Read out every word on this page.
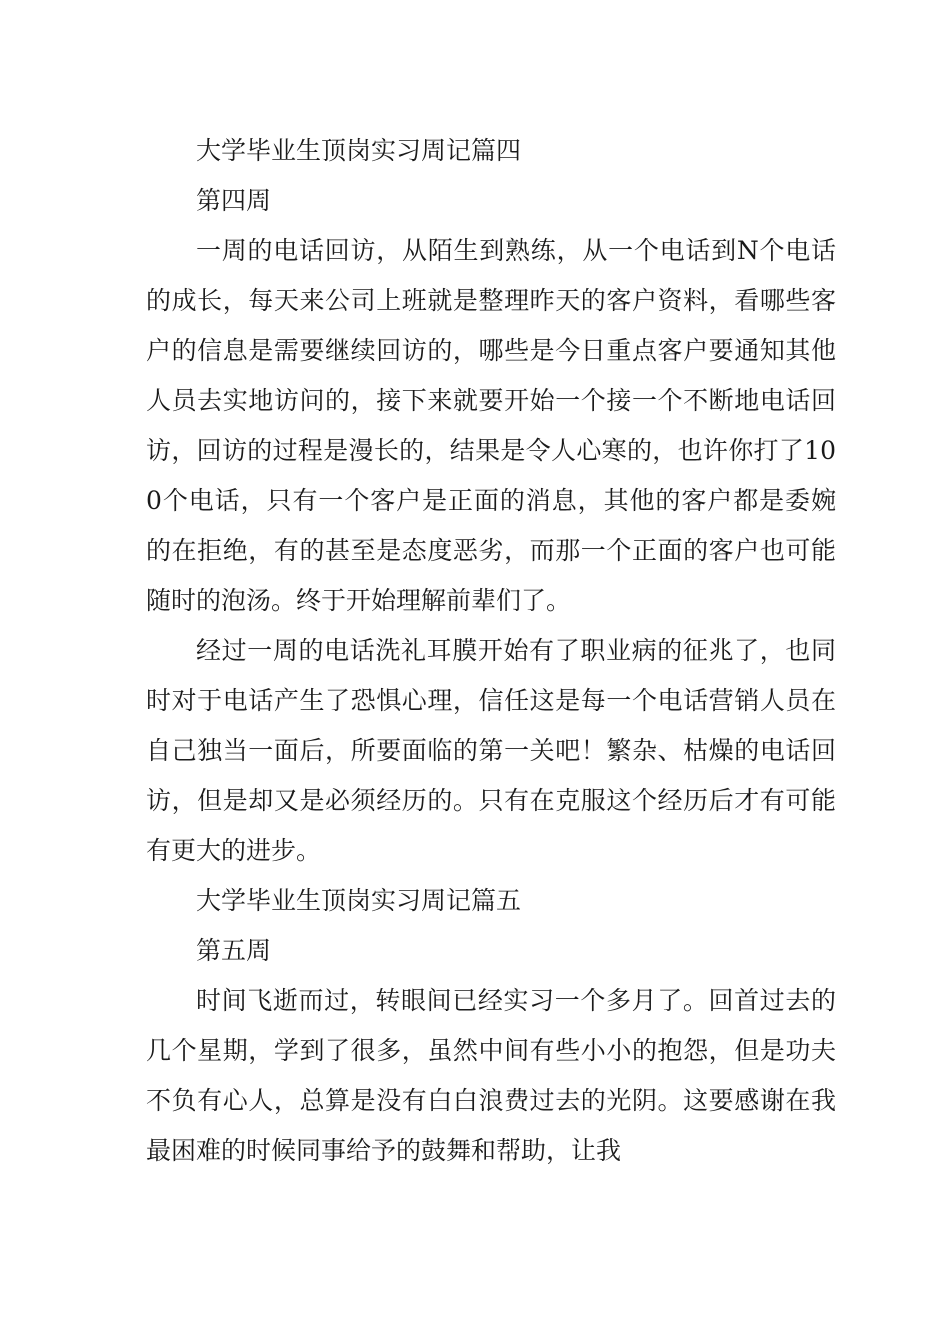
大学毕业生顶岗实习周记篇四

第四周

一周的电话回访，从陌生到熟练，从一个电话到N个电话的成长，每天来公司上班就是整理昨天的客户资料，看哪些客户的信息是需要继续回访的，哪些是今日重点客户要通知其他人员去实地访问的，接下来就要开始一个接一个不断地电话回访，回访的过程是漫长的，结果是令人心寒的，也许你打了100个电话，只有一个客户是正面的消息，其他的客户都是委婉的在拒绝，有的甚至是态度恶劣，而那一个正面的客户也可能随时的泡汤。终于开始理解前辈们了。

经过一周的电话洗礼耳膜开始有了职业病的征兆了，也同时对于电话产生了恐惧心理，信任这是每一个电话营销人员在自己独当一面后，所要面临的第一关吧！繁杂、枯燥的电话回访，但是却又是必须经历的。只有在克服这个经历后才有可能有更大的进步。

大学毕业生顶岗实习周记篇五

第五周

时间飞逝而过，转眼间已经实习一个多月了。回首过去的几个星期，学到了很多，虽然中间有些小小的抱怨，但是功夫不负有心人，总算是没有白白浪费过去的光阴。这要感谢在我最困难的时候同事给予的鼓舞和帮助，让我
